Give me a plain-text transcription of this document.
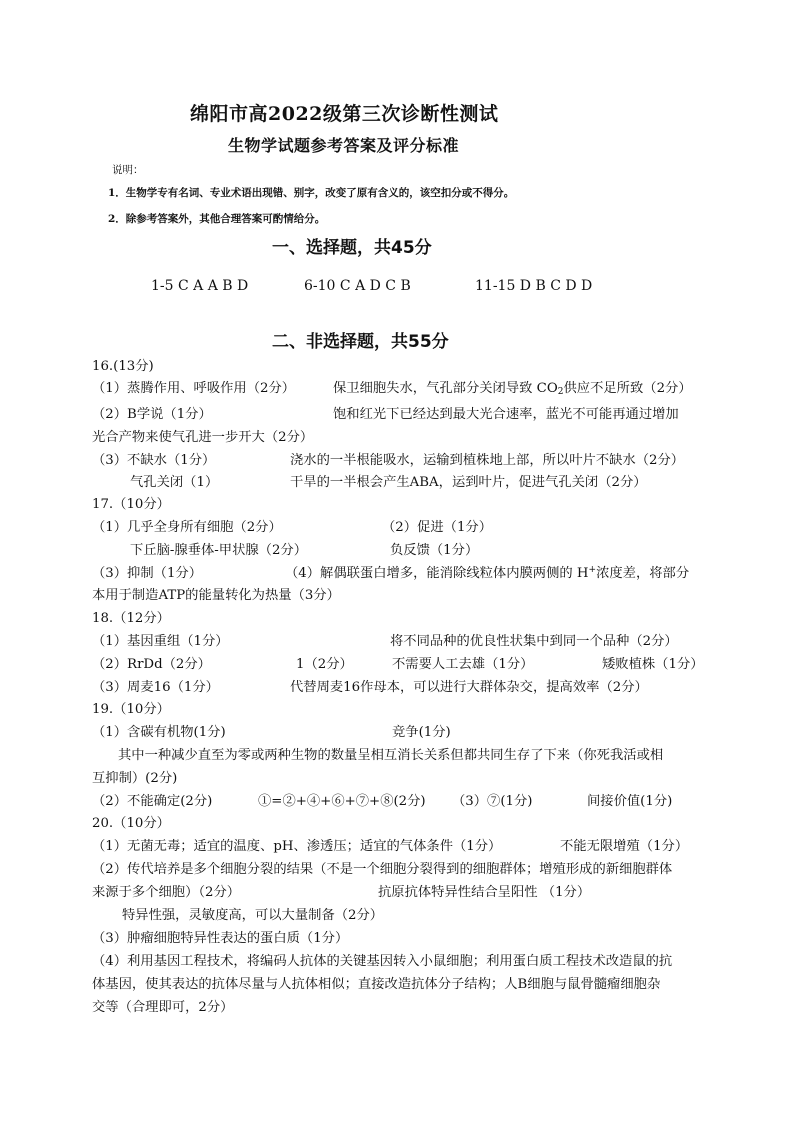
绵阳市高2022级第三次诊断性测试
生物学试题参考答案及评分标准
说明：
1．生物学专有名词、专业术语出现错、别字，改变了原有含义的，该空扣分或不得分。
2．除参考答案外，其他合理答案可酌情给分。
一、选择题，共45分
1-5 C A A B D	6-10 C A D C B	11-15 D B C D D
二、非选择题，共55分
16.(13分)
（1）蒸腾作用、呼吸作用（2分）	保卫细胞失水，气孔部分关闭导致 $CO_2$供应不足所致（2分）
（2）B学说（1分）	饱和红光下已经达到最大光合速率，蓝光不可能再通过增加
光合产物来使气孔进一步开大（2分）
（3）不缺水（1分）	浇水的一半根能吸水，运输到植株地上部，所以叶片不缺水（2分）
气孔关闭（1）	干旱的一半根会产生ABA，运到叶片，促进气孔关闭（2分）
17.（10分）
（1）几乎全身所有细胞（2分）	（2）促进（1分）
下丘脑-腺垂体-甲状腺（2分）	负反馈（1分）
（3）抑制（1分）	（4）解偶联蛋白增多，能消除线粒体内膜两侧的 H+浓度差，将部分
本用于制造ATP的能量转化为热量（3分）
18.（12分）
（1）基因重组（1分）	将不同品种的优良性状集中到同一个品种（2分）
（2）RrDd（2分）	1（2分）	不需要人工去雄（1分）	矮败植株（1分）
（3）周麦16（1分）	代替周麦16作母本，可以进行大群体杂交，提高效率（2分）
19.（10分）
（1）含碳有机物(1分)	竞争(1分)
其中一种减少直至为零或两种生物的数量呈相互消长关系但都共同生存了下来（你死我活或相
互抑制）(2分)
（2）不能确定(2分)	①=②+④+⑥+⑦+⑧(2分) （3）⑦(1分)	间接价值(1分)
20.（10分）
（1）无菌无毒；适宜的温度、pH、渗透压；适宜的气体条件（1分）	不能无限增殖（1分）
（2）传代培养是多个细胞分裂的结果（不是一个细胞分裂得到的细胞群体；增殖形成的新细胞群体
来源于多个细胞）（2分）	抗原抗体特异性结合呈阳性 （1分）
特异性强，灵敏度高，可以大量制备（2分）
（3）肿瘤细胞特异性表达的蛋白质（1分）
（4）利用基因工程技术，将编码人抗体的关键基因转入小鼠细胞；利用蛋白质工程技术改造鼠的抗
体基因，使其表达的抗体尽量与人抗体相似；直接改造抗体分子结构；人B细胞与鼠骨髓瘤细胞杂
交等（合理即可，2分）
